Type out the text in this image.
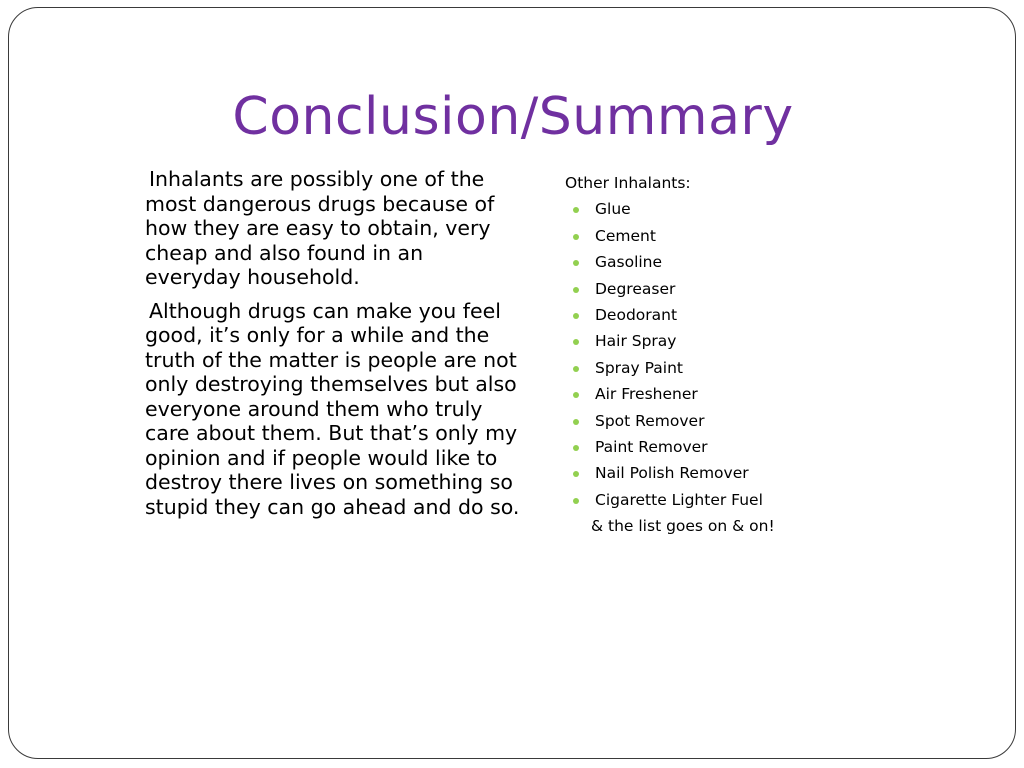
Conclusion/Summary

Inhalants are possibly one of the most dangerous drugs because of how they are easy to obtain, very cheap and also found in an everyday household.

Although drugs can make you feel good, it’s only for a while and the truth of the matter is people are not only destroying themselves but also everyone around them who truly care about them. But that’s only my opinion and if people would like to destroy there lives on something so stupid they can go ahead and do so.

Other Inhalants:

Glue
Cement
Gasoline
Degreaser
Deodorant
Hair Spray
Spray Paint
Air Freshener
Spot Remover
Paint Remover
Nail Polish Remover
Cigarette Lighter Fuel

& the list goes on & on!
